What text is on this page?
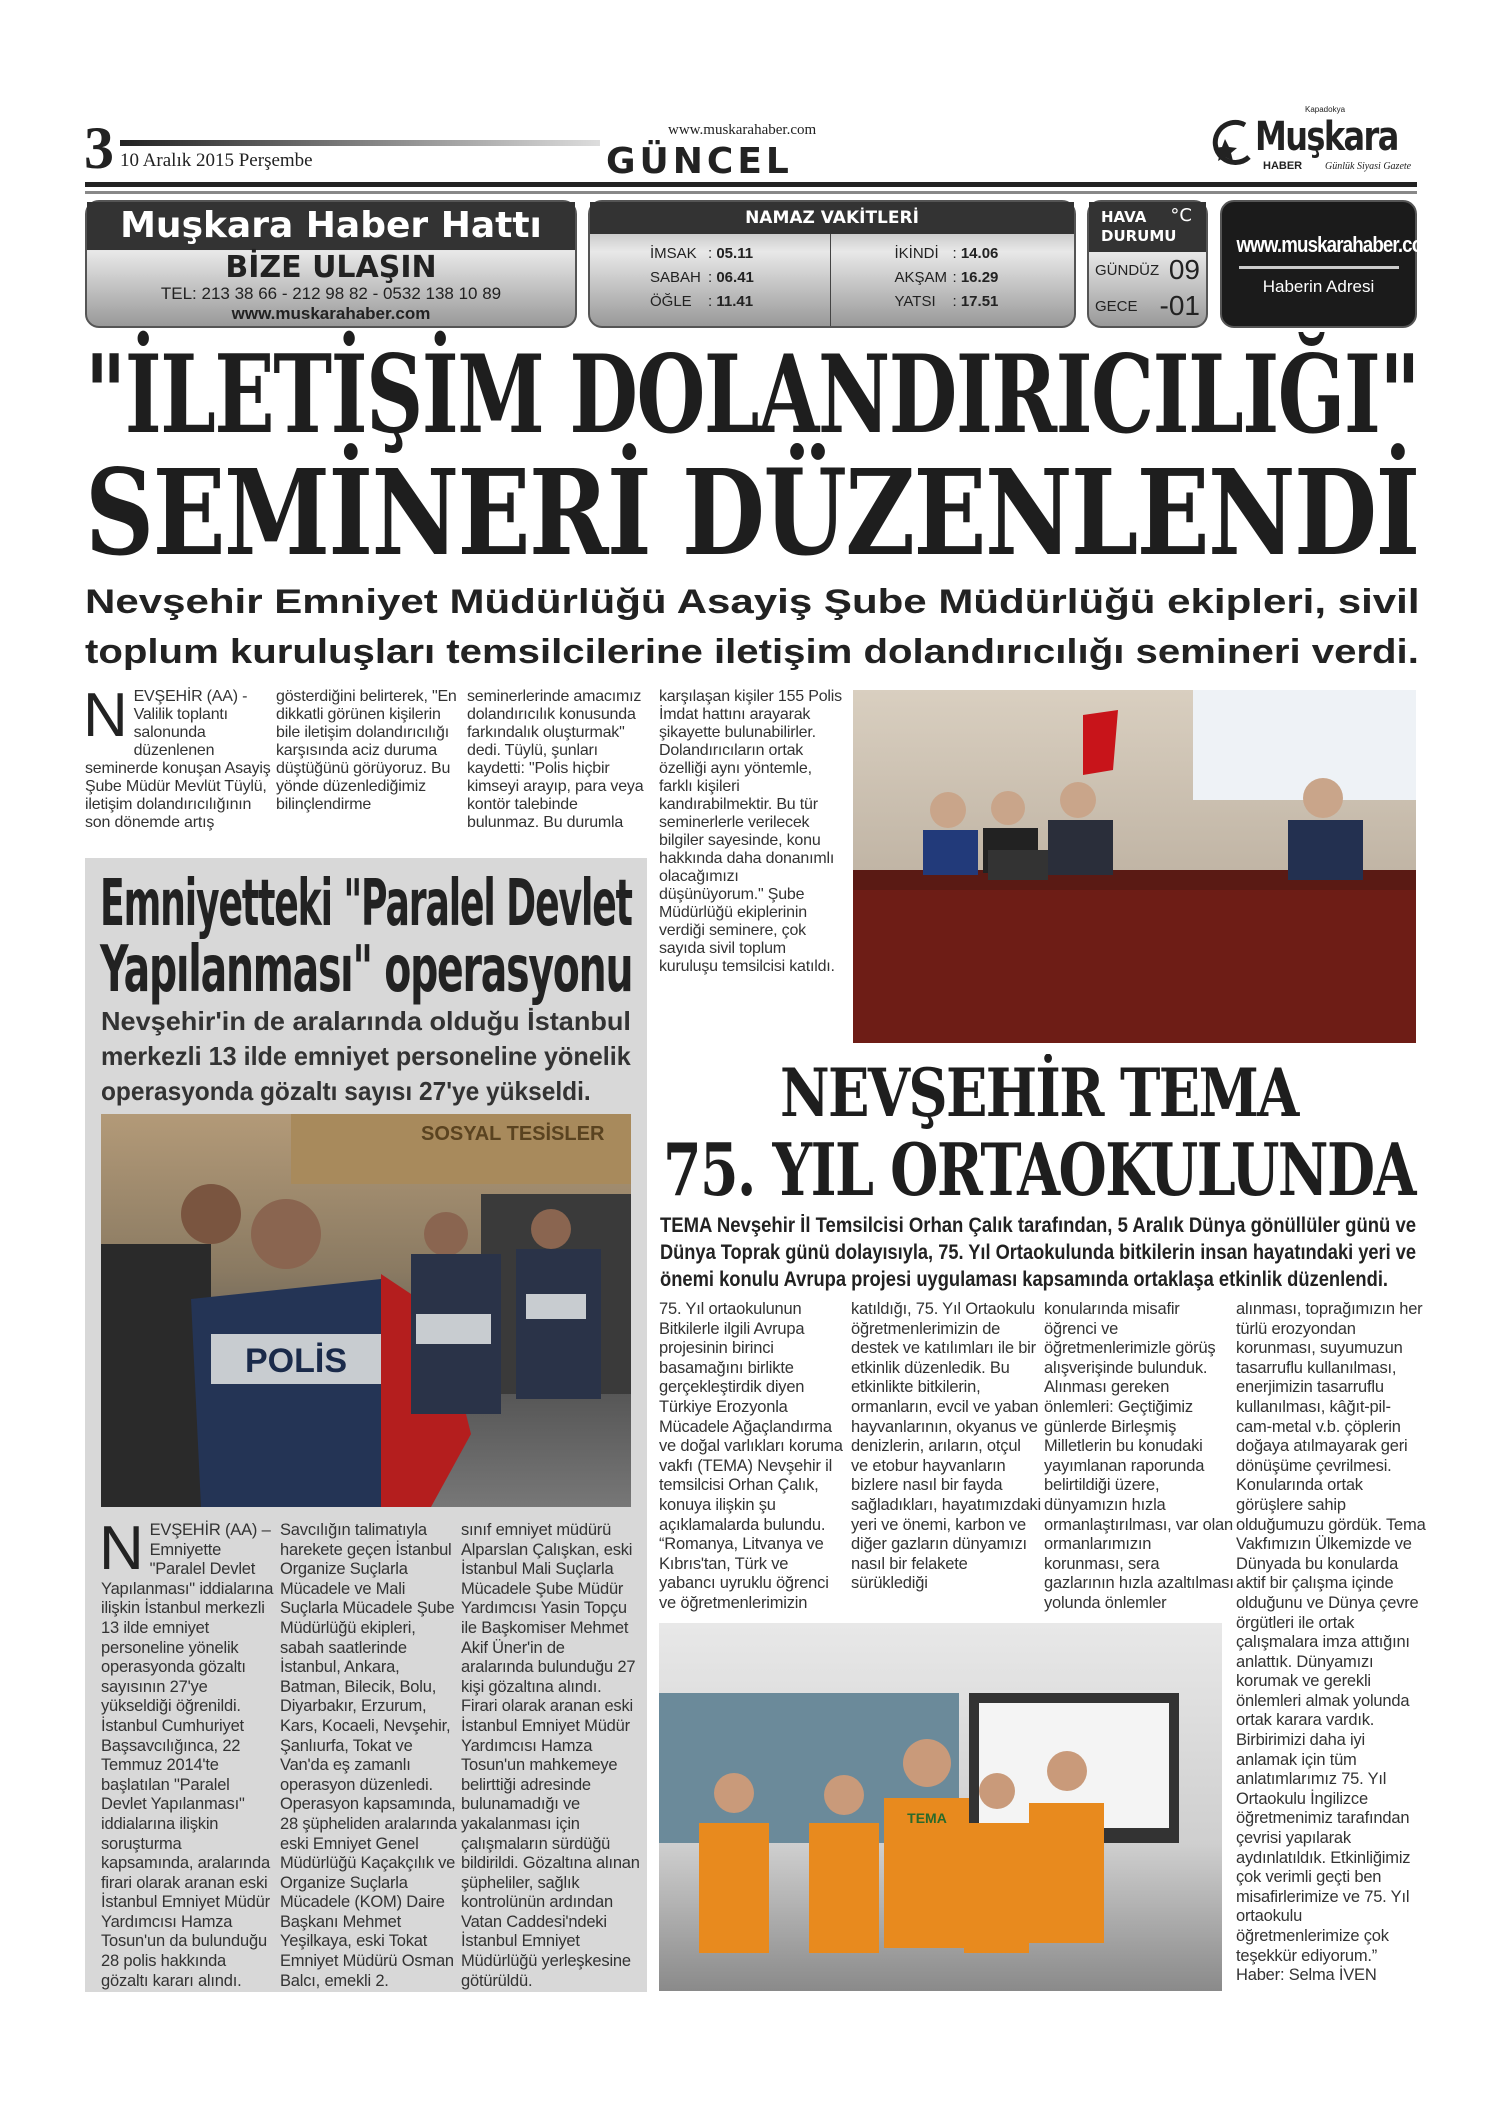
3 10 Aralık 2015 Perşembe
www.muskarahaber.com
GÜNCEL
Kapadokya
Muşkara
HABER Günlük Siyasi Gazete
Muşkara Haber Hattı
BİZE ULAŞIN
TEL: 213 38 66 - 212 98 82 - 0532 138 10 89
www.muskarahaber.com
NAMAZ VAKİTLERİ
İMSAK : 05.11
SABAH : 06.41
ÖĞLE : 11.41
İKİNDİ : 14.06
AKŞAM : 16.29
YATSI : 17.51
HAVA
DURUMU
°C
GÜNDÜZ 09
GECE -01
www.muskarahaber.com
Haberin Adresi
"İLETİŞİM DOLANDIRICILIĞI"
SEMİNERİ DÜZENLENDİ
Nevşehir Emniyet Müdürlüğü Asayiş Şube Müdürlüğü ekipleri, sivil
toplum kuruluşları temsilcilerine iletişim dolandırıcılığı semineri verdi.
NEVŞEHİR (AA) - Valilik toplantı salonunda düzenlenen seminerde konuşan Asayiş Şube Müdür Mevlüt Tüylü, iletişim dolandırıcılığının son dönemde artış
gösterdiğini belirterek, "En dikkatli görünen kişilerin bile iletişim dolandırıcılığı karşısında aciz duruma düştüğünü görüyoruz. Bu yönde düzenlediğimiz bilinçlendirme
seminerlerinde amacımız dolandırıcılık konusunda farkındalık oluşturmak" dedi. Tüylü, şunları kaydetti: "Polis hiçbir kimseyi arayıp, para veya kontör talebinde bulunmaz. Bu durumla
karşılaşan kişiler 155 Polis İmdat hattını arayarak şikayette bulunabilirler. Dolandırıcıların ortak özelliği aynı yöntemle, farklı kişileri kandırabilmektir. Bu tür seminerlerle verilecek bilgiler sayesinde, konu hakkında daha donanımlı olacağımızı düşünüyorum." Şube Müdürlüğü ekiplerinin verdiği seminere, çok sayıda sivil toplum kuruluşu temsilcisi katıldı.
Emniyetteki "Paralel Devlet
Yapılanması" operasyonu
Nevşehir'in de aralarında olduğu İstanbul
merkezli 13 ilde emniyet personeline yönelik
operasyonda gözaltı sayısı 27'ye yükseldi.
POLİS
SOSYAL TESİSLER
NEVŞEHİR (AA) – Emniyette "Paralel Devlet Yapılanması" iddialarına ilişkin İstanbul merkezli 13 ilde emniyet personeline yönelik operasyonda gözaltı sayısının 27'ye yükseldiği öğrenildi. İstanbul Cumhuriyet Başsavcılığınca, 22 Temmuz 2014'te başlatılan "Paralel Devlet Yapılanması" iddialarına ilişkin soruşturma kapsamında, aralarında firari olarak aranan eski İstanbul Emniyet Müdür Yardımcısı Hamza Tosun'un da bulunduğu 28 polis hakkında gözaltı kararı alındı.
Savcılığın talimatıyla harekete geçen İstanbul Organize Suçlarla Mücadele ve Mali Suçlarla Mücadele Şube Müdürlüğü ekipleri, sabah saatlerinde İstanbul, Ankara, Batman, Bilecik, Bolu, Diyarbakır, Erzurum, Kars, Kocaeli, Nevşehir, Şanlıurfa, Tokat ve Van'da eş zamanlı operasyon düzenledi. Operasyon kapsamında, 28 şüpheliden aralarında eski Emniyet Genel Müdürlüğü Kaçakçılık ve Organize Suçlarla Mücadele (KOM) Daire Başkanı Mehmet Yeşilkaya, eski Tokat Emniyet Müdürü Osman Balcı, emekli 2.
sınıf emniyet müdürü Alparslan Çalışkan, eski İstanbul Mali Suçlarla Mücadele Şube Müdür Yardımcısı Yasin Topçu ile Başkomiser Mehmet Akif Üner'in de aralarında bulunduğu 27 kişi gözaltına alındı. Firari olarak aranan eski İstanbul Emniyet Müdür Yardımcısı Hamza Tosun'un mahkemeye belirttiği adresinde bulunamadığı ve yakalanması için çalışmaların sürdüğü bildirildi. Gözaltına alınan şüpheliler, sağlık kontrolünün ardından Vatan Caddesi'ndeki İstanbul Emniyet Müdürlüğü yerleşkesine götürüldü.
NEVŞEHİR TEMA
75. YIL ORTAOKULUNDA
TEMA Nevşehir İl Temsilcisi Orhan Çalık tarafından, 5 Aralık Dünya gönüllüler günü ve
Dünya Toprak günü dolayısıyla, 75. Yıl Ortaokulunda bitkilerin insan hayatındaki yeri ve
önemi konulu Avrupa projesi uygulaması kapsamında ortaklaşa etkinlik düzenlendi.
75. Yıl ortaokulunun Bitkilerle ilgili Avrupa projesinin birinci basamağını birlikte gerçekleştirdik diyen Türkiye Erozyonla Mücadele Ağaçlandırma ve doğal varlıkları koruma vakfı (TEMA) Nevşehir il temsilcisi Orhan Çalık, konuya ilişkin şu açıklamalarda bulundu. “Romanya, Litvanya ve Kıbrıs'tan, Türk ve yabancı uyruklu öğrenci ve öğretmenlerimizin
katıldığı, 75. Yıl Ortaokulu öğretmenlerimizin de destek ve katılımları ile bir etkinlik düzenledik. Bu etkinlikte bitkilerin, ormanların, evcil ve yaban hayvanlarının, okyanus ve denizlerin, arıların, otçul ve etobur hayvanların bizlere nasıl bir fayda sağladıkları, hayatımızdaki yeri ve önemi, karbon ve diğer gazların dünyamızı nasıl bir felakete sürüklediği
konularında misafir öğrenci ve öğretmenlerimizle görüş alışverişinde bulunduk. Alınması gereken önlemleri: Geçtiğimiz günlerde Birleşmiş Milletlerin bu konudaki yayımlanan raporunda belirtildiği üzere, dünyamızın hızla ormanlaştırılması, var olan ormanlarımızın korunması, sera gazlarının hızla azaltılması yolunda önlemler
alınması, toprağımızın her türlü erozyondan korunması, suyumuzun tasarruflu kullanılması, enerjimizin tasarruflu kullanılması, kâğıt-pil-cam-metal v.b. çöplerin doğaya atılmayarak geri dönüşüme çevrilmesi. Konularında ortak görüşlere sahip olduğumuzu gördük. Tema Vakfımızın Ülkemizde ve Dünyada bu konularda aktif bir çalışma içinde olduğunu ve Dünya çevre örgütleri ile ortak çalışmalara imza attığını anlattık. Dünyamızı korumak ve gerekli önlemleri almak yolunda ortak karara vardık. Birbirimizi daha iyi anlamak için tüm anlatımlarımız 75. Yıl Ortaokulu İngilizce öğretmenimiz tarafından çevrisi yapılarak aydınlatıldık. Etkinliğimiz çok verimli geçti ben misafirlerimize ve 75. Yıl ortaokulu öğretmenlerimize çok teşekkür ediyorum.” Haber: Selma İVEN
TEMA
